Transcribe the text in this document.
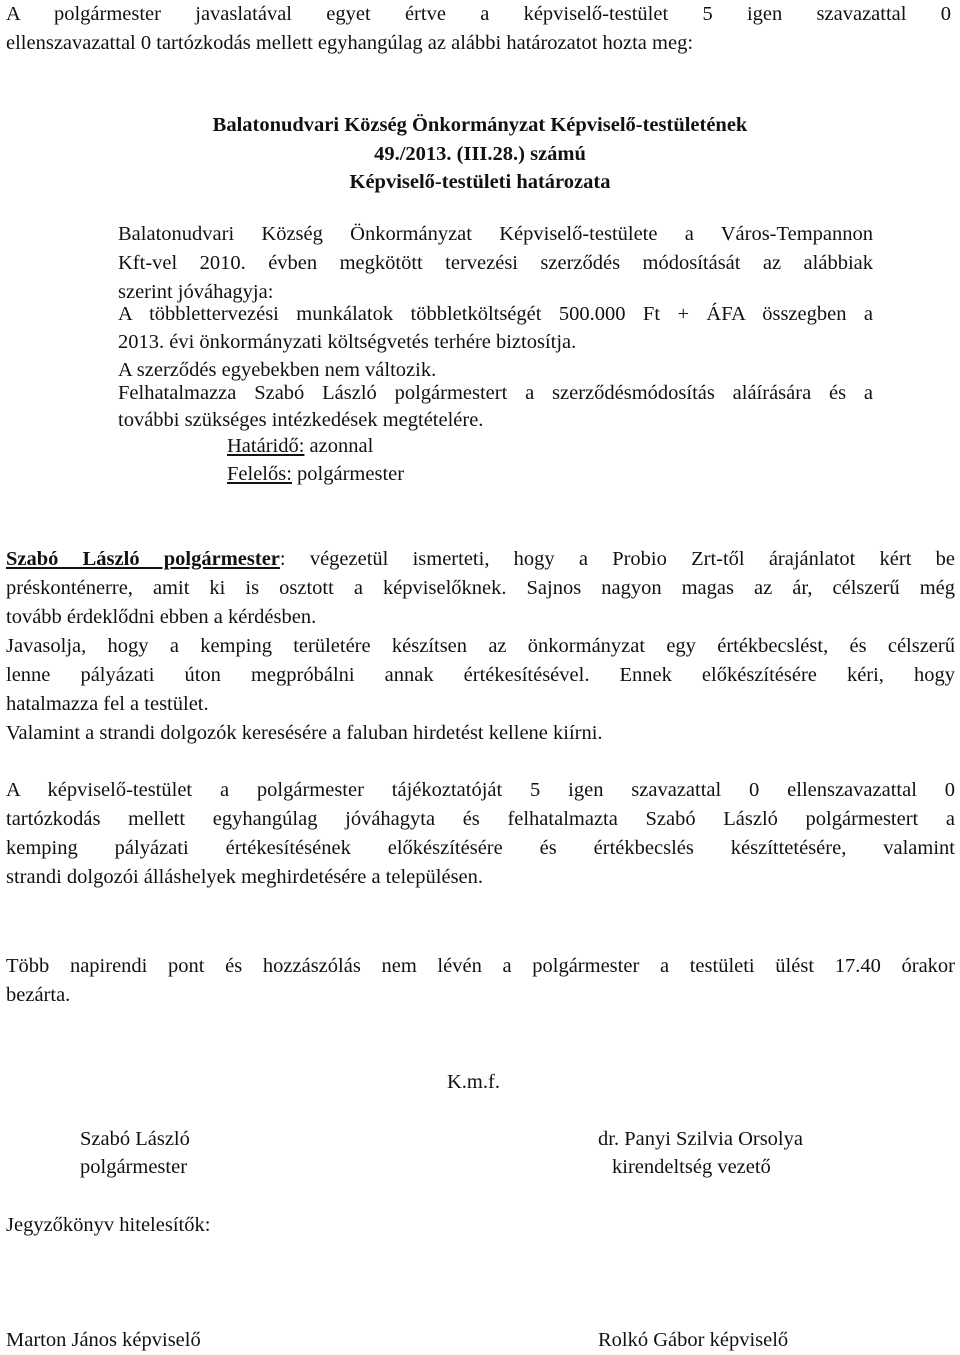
A polgármester javaslatával egyet értve a képviselő-testület 5 igen szavazattal 0
ellenszavazattal 0 tartózkodás mellett egyhangúlag az alábbi határozatot hozta meg:
Balatonudvari Község Önkormányzat Képviselő-testületének
49./2013. (III.28.) számú
Képviselő-testületi határozata
Balatonudvari Község Önkormányzat Képviselő-testülete a Város-Tempannon
Kft-vel 2010. évben megkötött tervezési szerződés módosítását az alábbiak
szerint jóváhagyja:
A többlettervezési munkálatok többletköltségét 500.000 Ft + ÁFA összegben a
2013. évi önkormányzati költségvetés terhére biztosítja.
A szerződés egyebekben nem változik.
Felhatalmazza Szabó László polgármestert a szerződésmódosítás aláírására és a
további szükséges intézkedések megtételére.
Határidő: azonnal
Felelős: polgármester
Szabó László polgármester: végezetül ismerteti, hogy a Probio Zrt-től árajánlatot kért be
préskonténerre, amit ki is osztott a képviselőknek. Sajnos nagyon magas az ár, célszerű még
tovább érdeklődni ebben a kérdésben.
Javasolja, hogy a kemping területére készítsen az önkormányzat egy értékbecslést, és célszerű
lenne pályázati úton megpróbálni annak értékesítésével. Ennek előkészítésére kéri, hogy
hatalmazza fel a testület.
Valamint a strandi dolgozók keresésére a faluban hirdetést kellene kiírni.
A képviselő-testület a polgármester tájékoztatóját 5 igen szavazattal 0 ellenszavazattal 0
tartózkodás mellett egyhangúlag jóváhagyta és felhatalmazta Szabó László polgármestert a
kemping pályázati értékesítésének előkészítésére és értékbecslés készíttetésére, valamint
strandi dolgozói álláshelyek meghirdetésére a településen.
Több napirendi pont és hozzászólás nem lévén a polgármester a testületi ülést 17.40 órakor
bezárta.
K.m.f.
Szabó László
polgármester
dr. Panyi Szilvia Orsolya
kirendeltség vezető
Jegyzőkönyv hitelesítők:
Marton János képviselő	Rolkó Gábor képviselő
